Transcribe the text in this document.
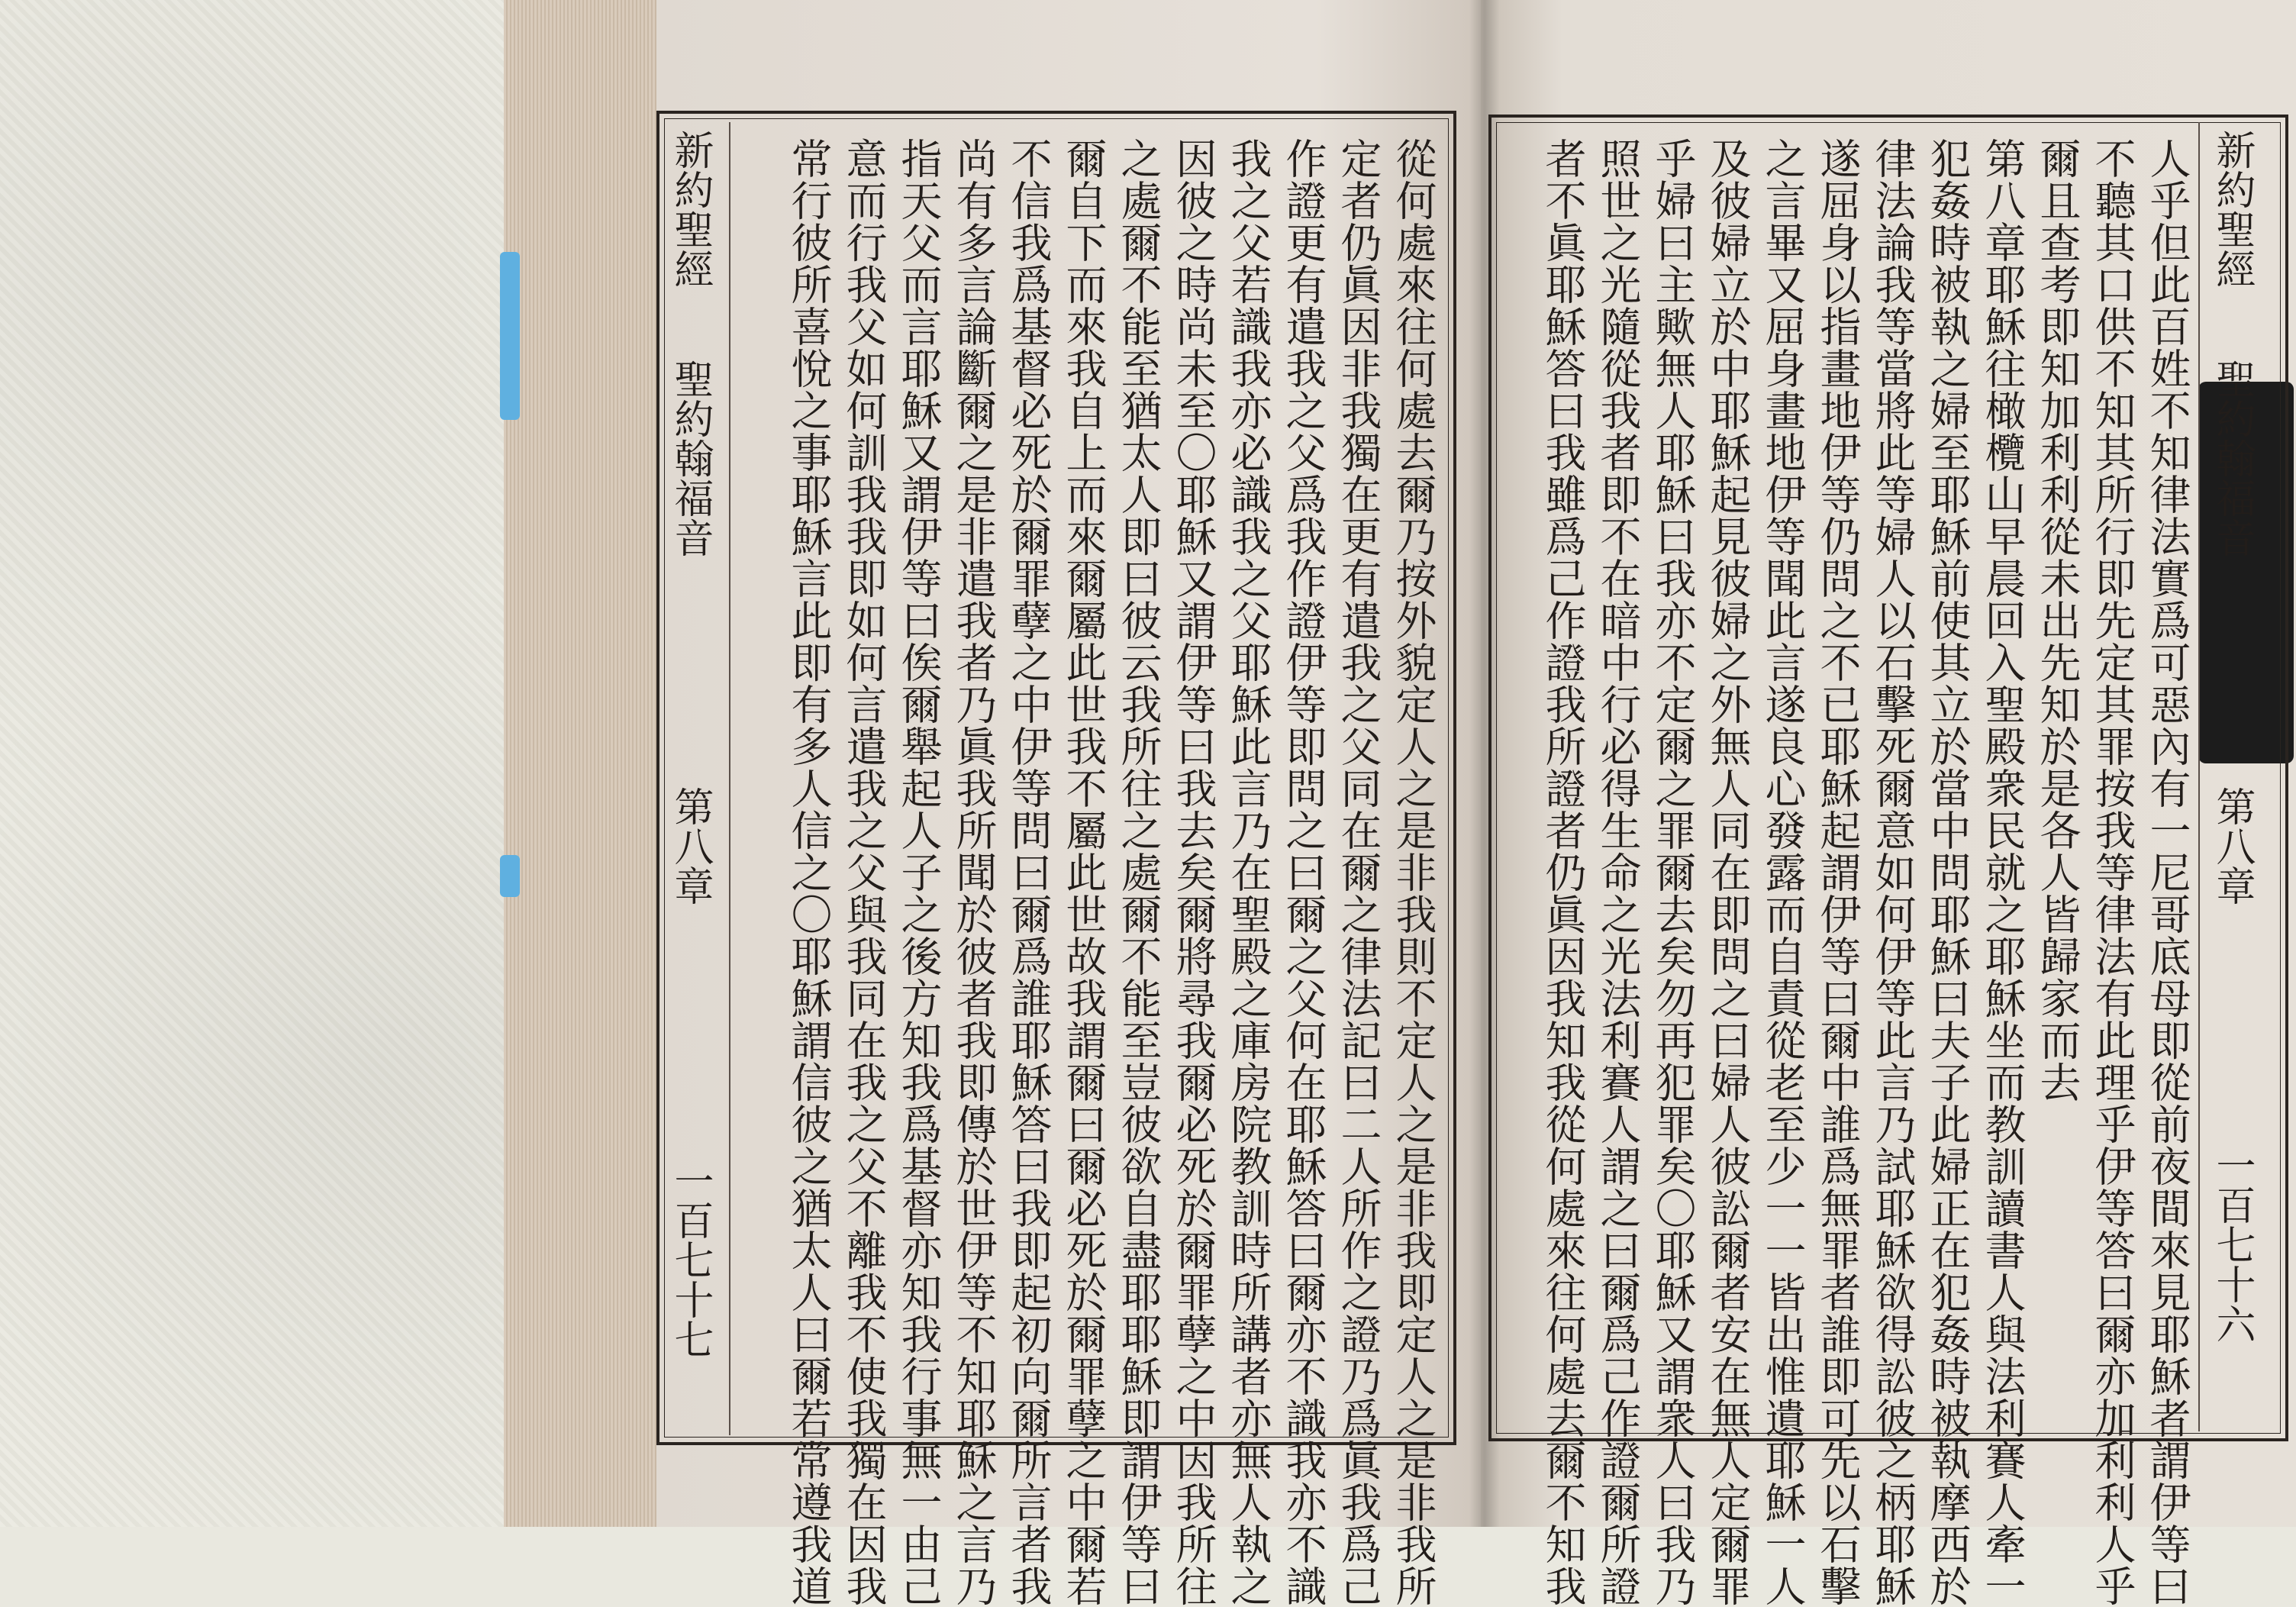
新約聖經
聖約翰福音
第八章
一百七十七	從何處來往何處去爾乃按外貌定人之是非我則不定人之是非我即定人之是非我所
定者仍眞因非我獨在更有遣我之父同在爾之律法記曰二人所作之證乃爲眞我爲己
作證更有遣我之父爲我作證伊等即問之曰爾之父何在耶穌答曰爾亦不識我亦不識
我之父若識我亦必識我之父耶穌此言乃在聖殿之庫房院教訓時所講者亦無人執之
因彼之時尚未至〇耶穌又謂伊等曰我去矣爾將尋我爾必死於爾罪孽之中因我所往
之處爾不能至猶太人即曰彼云我所往之處爾不能至豈彼欲自盡耶耶穌即謂伊等曰
爾自下而來我自上而來爾屬此世我不屬此世故我謂爾曰爾必死於爾罪孽之中爾若
不信我爲基督必死於爾罪孽之中伊等問曰爾爲誰耶穌答曰我即起初向爾所言者我
尚有多言論斷爾之是非遣我者乃眞我所聞於彼者我即傳於世伊等不知耶穌之言乃
指天父而言耶穌又謂伊等曰俟爾舉起人子之後方知我爲基督亦知我行事無一由己
意而行我父如何訓我我即如何言遣我之父與我同在我之父不離我不使我獨在因我
常行彼所喜悅之事耶穌言此即有多人信之〇耶穌謂信彼之猶太人曰爾若常遵我道	新約聖經
聖約翰福音
第八章
一百七十六
人乎但此百姓不知律法實爲可惡內有一尼哥底母即從前夜間來見耶穌者謂伊等曰
不聽其口供不知其所行即先定其罪按我等律法有此理乎伊等答曰爾亦加利利人乎
爾且查考即知加利利從未出先知於是各人皆歸家而去
第八章耶穌往橄欖山早晨回入聖殿衆民就之耶穌坐而教訓讀書人與法利賽人牽一
犯姦時被執之婦至耶穌前使其立於當中問耶穌曰夫子此婦正在犯姦時被執摩西於
律法論我等當將此等婦人以石擊死爾意如何伊等此言乃試耶穌欲得訟彼之柄耶穌
遂屈身以指畫地伊等仍問之不已耶穌起謂伊等曰爾中誰爲無罪者誰即可先以石擊
之言畢又屈身畫地伊等聞此言遂良心發露而自責從老至少一一皆出惟遺耶穌一人
及彼婦立於中耶穌起見彼婦之外無人同在即問之曰婦人彼訟爾者安在無人定爾罪
乎婦曰主歟無人耶穌曰我亦不定爾之罪爾去矣勿再犯罪矣〇耶穌又謂衆人曰我乃
照世之光隨從我者即不在暗中行必得生命之光法利賽人謂之曰爾爲己作證爾所證
者不眞耶穌答曰我雖爲己作證我所證者仍眞因我知我從何處來往何處去爾不知我
